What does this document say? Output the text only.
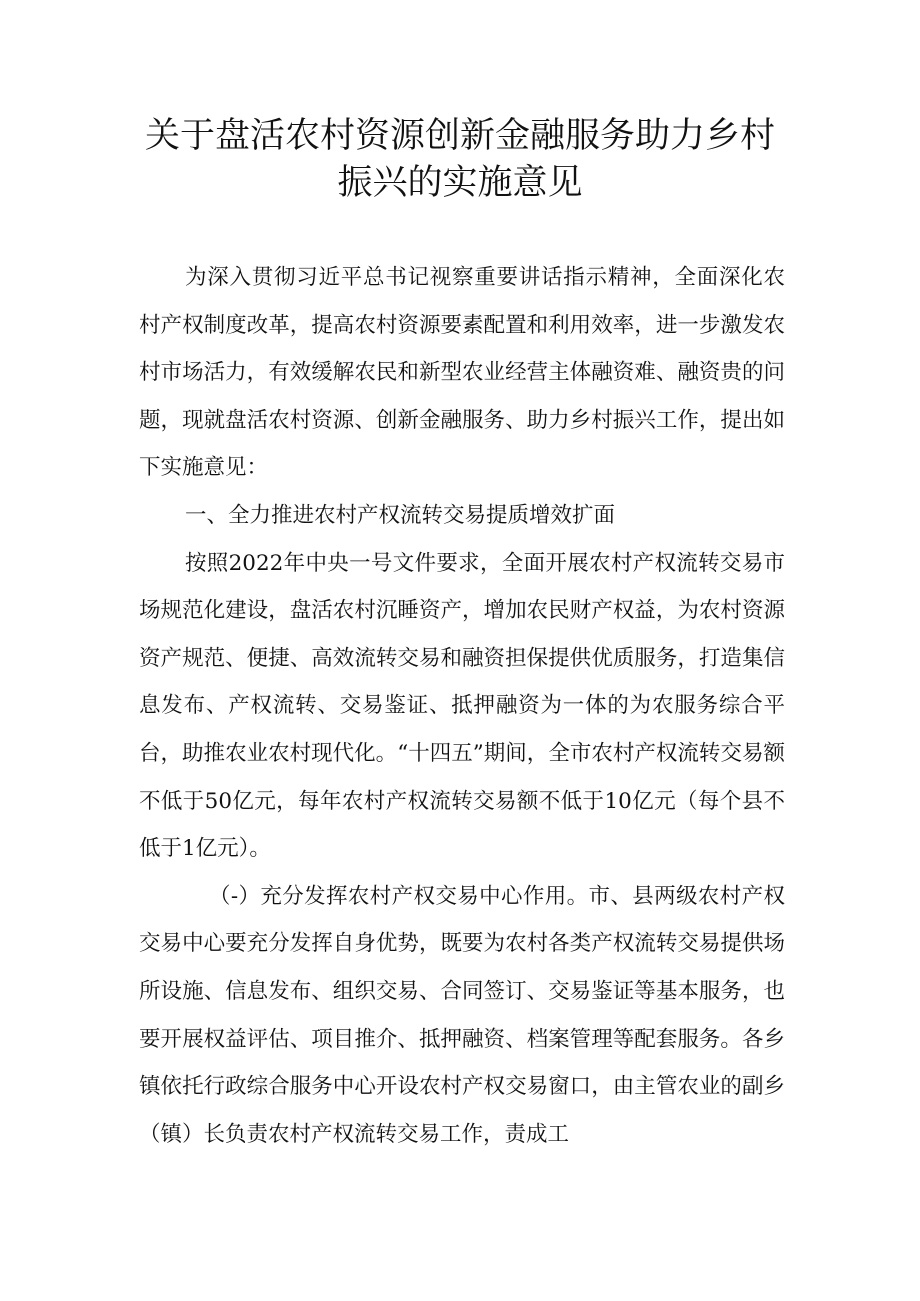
关于盘活农村资源创新金融服务助力乡村
振兴的实施意见

为深入贯彻习近平总书记视察重要讲话指示精神，全面深化农村产权制度改革，提高农村资源要素配置和利用效率，进一步激发农村市场活力，有效缓解农民和新型农业经营主体融资难、融资贵的问题，现就盘活农村资源、创新金融服务、助力乡村振兴工作，提出如下实施意见：

一、全力推进农村产权流转交易提质增效扩面

按照2022年中央一号文件要求，全面开展农村产权流转交易市场规范化建设，盘活农村沉睡资产，增加农民财产权益，为农村资源资产规范、便捷、高效流转交易和融资担保提供优质服务，打造集信息发布、产权流转、交易鉴证、抵押融资为一体的为农服务综合平台，助推农业农村现代化。“十四五”期间，全市农村产权流转交易额不低于50亿元，每年农村产权流转交易额不低于10亿元（每个县不低于1亿元）。

（-）充分发挥农村产权交易中心作用。市、县两级农村产权交易中心要充分发挥自身优势，既要为农村各类产权流转交易提供场所设施、信息发布、组织交易、合同签订、交易鉴证等基本服务，也要开展权益评估、项目推介、抵押融资、档案管理等配套服务。各乡镇依托行政综合服务中心开设农村产权交易窗口，由主管农业的副乡（镇）长负责农村产权流转交易工作，责成工
